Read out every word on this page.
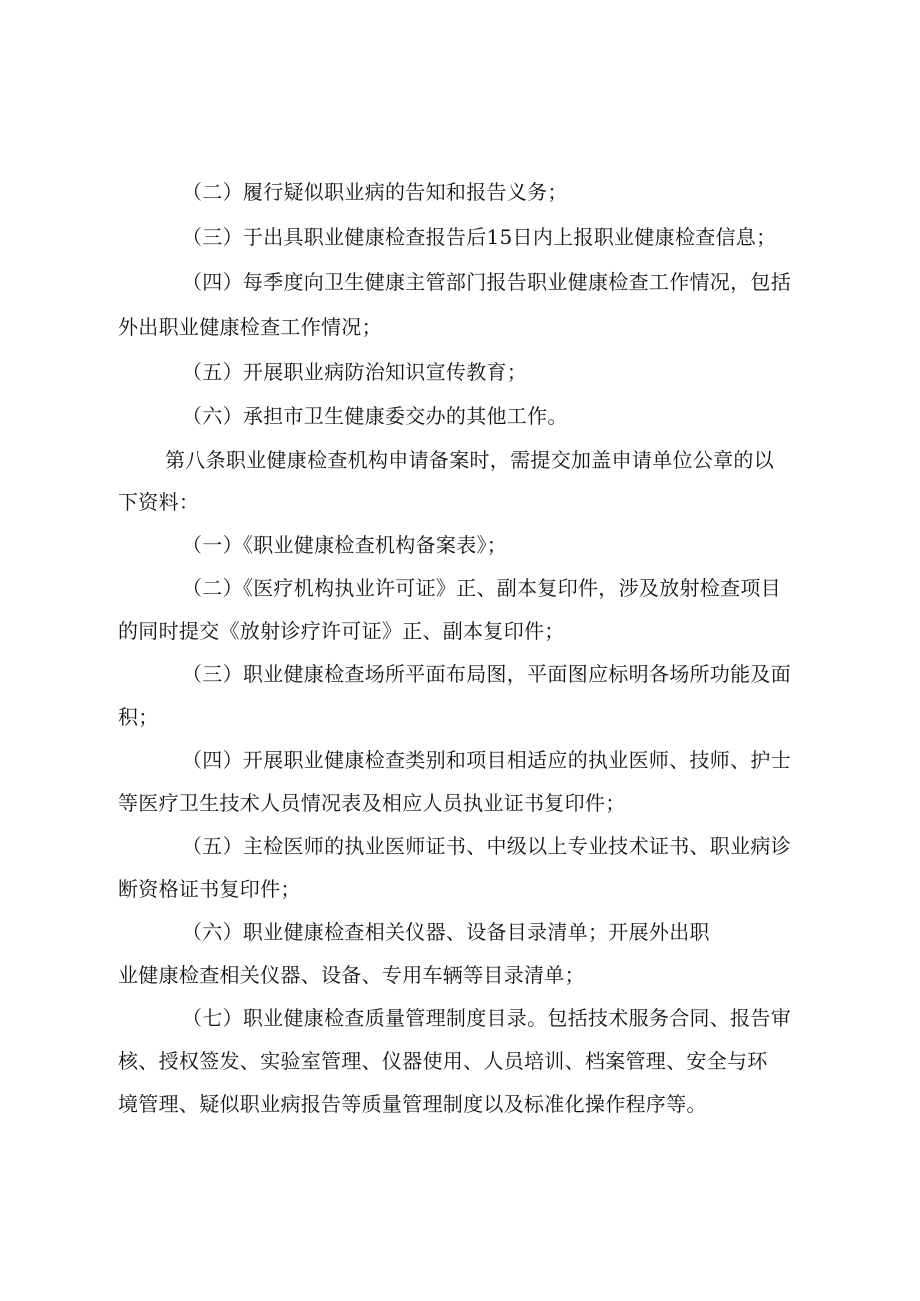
（二）履行疑似职业病的告知和报告义务；
（三）于出具职业健康检查报告后15日内上报职业健康检查信息；
（四）每季度向卫生健康主管部门报告职业健康检查工作情况，包括
外出职业健康检查工作情况；
（五）开展职业病防治知识宣传教育；
（六）承担市卫生健康委交办的其他工作。
第八条职业健康检查机构申请备案时，需提交加盖申请单位公章的以
下资料：
（一）《职业健康检查机构备案表》；
（二）《医疗机构执业许可证》正、副本复印件，涉及放射检查项目
的同时提交《放射诊疗许可证》正、副本复印件；
（三）职业健康检查场所平面布局图，平面图应标明各场所功能及面
积；
（四）开展职业健康检查类别和项目相适应的执业医师、技师、护士
等医疗卫生技术人员情况表及相应人员执业证书复印件；
（五）主检医师的执业医师证书、中级以上专业技术证书、职业病诊
断资格证书复印件；
（六）职业健康检查相关仪器、设备目录清单；开展外出职
业健康检查相关仪器、设备、专用车辆等目录清单；
（七）职业健康检查质量管理制度目录。包括技术服务合同、报告审
核、授权签发、实验室管理、仪器使用、人员培训、档案管理、安全与环
境管理、疑似职业病报告等质量管理制度以及标准化操作程序等。
